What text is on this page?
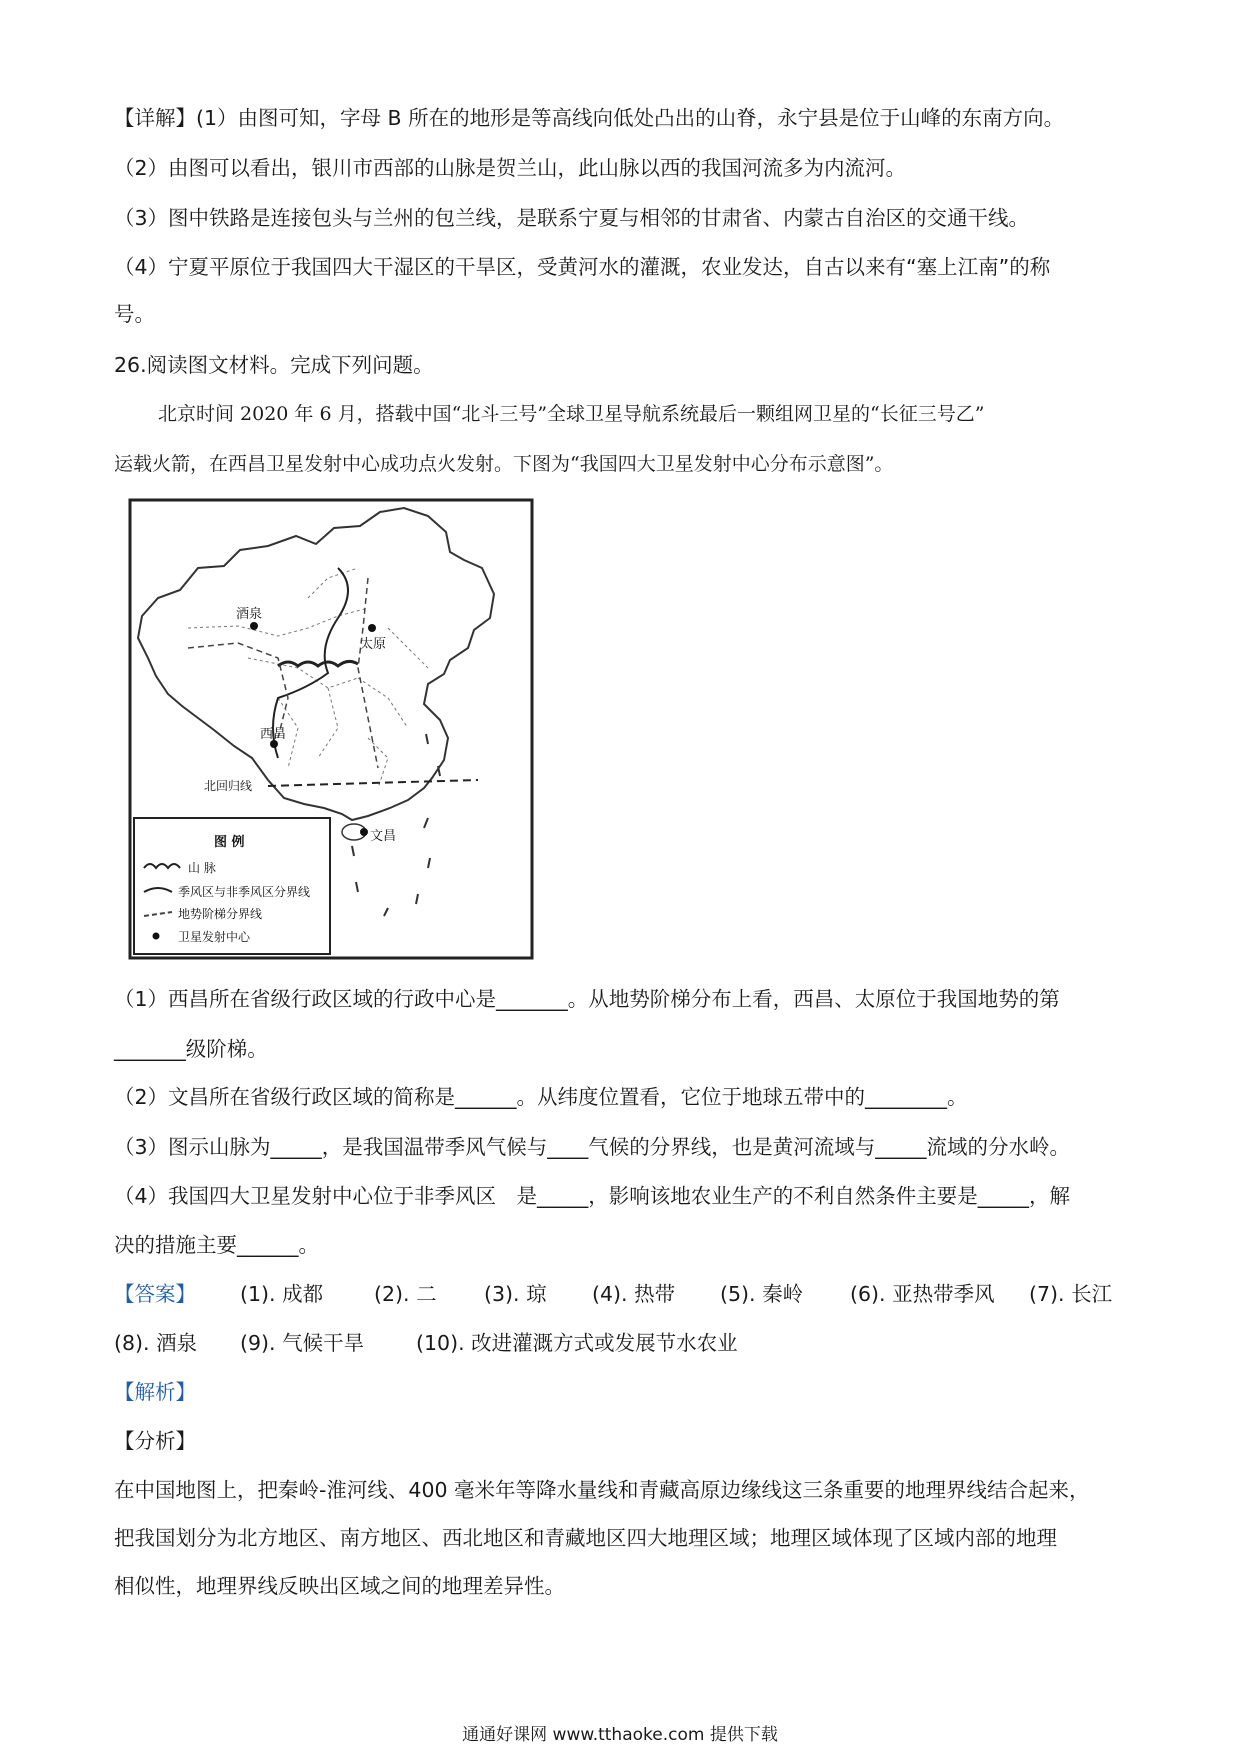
【详解】(1）由图可知，字母 B 所在的地形是等高线向低处凸出的山脊，永宁县是位于山峰的东南方向。
（2）由图可以看出，银川市西部的山脉是贺兰山，此山脉以西的我国河流多为内流河。
（3）图中铁路是连接包头与兰州的包兰线，是联系宁夏与相邻的甘肃省、内蒙古自治区的交通干线。
（4）宁夏平原位于我国四大干湿区的干旱区，受黄河水的灌溉，农业发达，自古以来有“塞上江南”的称
号。
26.阅读图文材料。完成下列问题。
北京时间 2020 年 6 月，搭载中国“北斗三号”全球卫星导航系统最后一颗组网卫星的“长征三号乙”
运载火箭，在西昌卫星发射中心成功点火发射。下图为“我国四大卫星发射中心分布示意图”。
酒泉
太原
西昌
文昌
北回归线
图 例
山 脉
季风区与非季风区分界线
地势阶梯分界线
卫星发射中心
（1）西昌所在省级行政区域的行政中心是_______。从地势阶梯分布上看，西昌、太原位于我国地势的第
_______级阶梯。
（2）文昌所在省级行政区域的简称是______。从纬度位置看，它位于地球五带中的________。
（3）图示山脉为_____，是我国温带季风气候与____气候的分界线，也是黄河流域与_____流域的分水岭。
（4）我国四大卫星发射中心位于非季风区　是_____，影响该地农业生产的不利自然条件主要是_____，解
决的措施主要______。
【答案】 (1). 成都 (2). 二 (3). 琼 (4). 热带 (5). 秦岭 (6). 亚热带季风 (7). 长江
(8). 酒泉 (9). 气候干旱	(10). 改进灌溉方式或发展节水农业
【解析】
【分析】
在中国地图上，把秦岭-淮河线、400 毫米年等降水量线和青藏高原边缘线这三条重要的地理界线结合起来，
把我国划分为北方地区、南方地区、西北地区和青藏地区四大地理区域；地理区域体现了区域内部的地理
相似性，地理界线反映出区域之间的地理差异性。
通通好课网 www.tthaoke.com 提供下载
